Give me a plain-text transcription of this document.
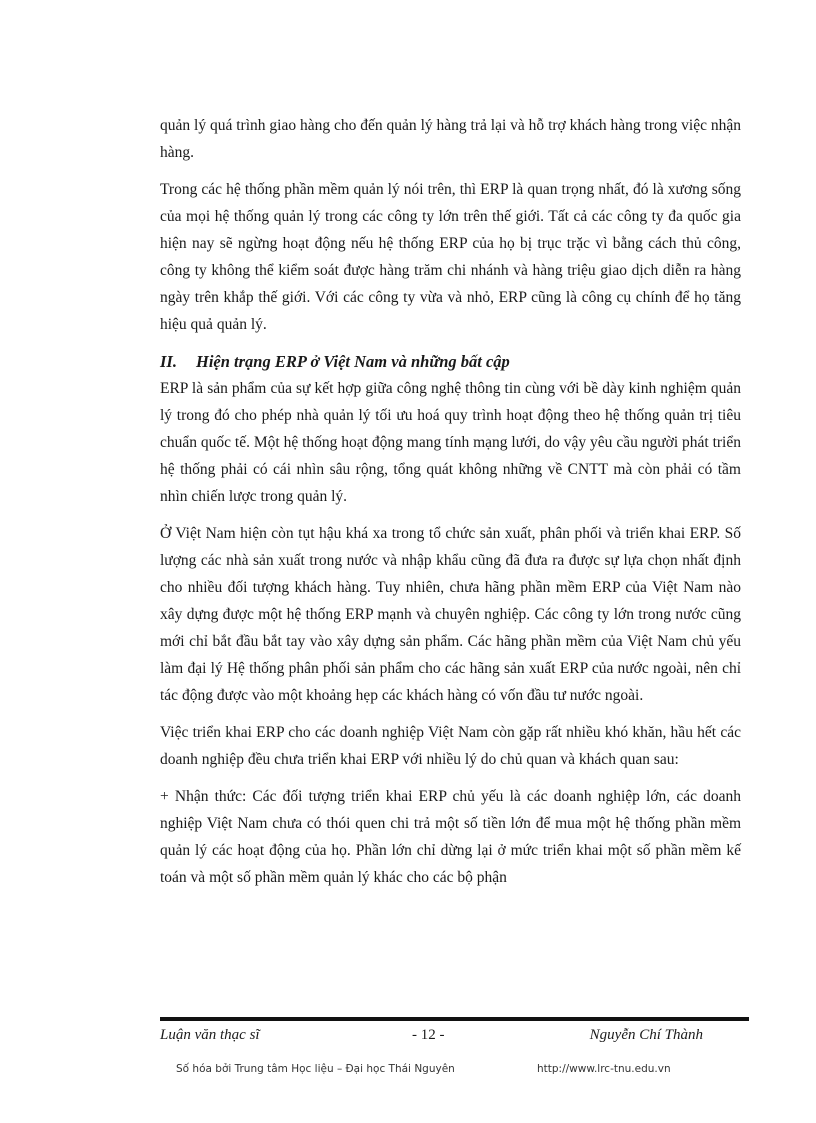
quản lý quá trình giao hàng cho đến quản lý hàng trả lại và hỗ trợ khách hàng trong việc nhận hàng.

Trong các hệ thống phần mềm quản lý nói trên, thì ERP là quan trọng nhất, đó là xương sống của mọi hệ thống quản lý trong các công ty lớn trên thế giới. Tất cả các công ty đa quốc gia hiện nay sẽ ngừng hoạt động nếu hệ thống ERP của họ bị trục trặc vì bằng cách thủ công, công ty không thể kiểm soát được hàng trăm chi nhánh và hàng triệu giao dịch diễn ra hàng ngày trên khắp thế giới. Với các công ty vừa và nhỏ, ERP cũng là công cụ chính để họ tăng hiệu quả quản lý.

II. Hiện trạng ERP ở Việt Nam và những bất cập

ERP là sản phẩm của sự kết hợp giữa công nghệ thông tin cùng với bề dày kinh nghiệm quản lý trong đó cho phép nhà quản lý tối ưu hoá quy trình hoạt động theo hệ thống quản trị tiêu chuẩn quốc tế. Một hệ thống hoạt động mang tính mạng lưới, do vậy yêu cầu người phát triển hệ thống phải có cái nhìn sâu rộng, tổng quát không những về CNTT mà còn phải có tầm nhìn chiến lược trong quản lý.

Ở Việt Nam hiện còn tụt hậu khá xa trong tổ chức sản xuất, phân phối và triển khai ERP. Số lượng các nhà sản xuất trong nước và nhập khẩu cũng đã đưa ra được sự lựa chọn nhất định cho nhiều đối tượng khách hàng. Tuy nhiên, chưa hãng phần mềm ERP của Việt Nam nào xây dựng được một hệ thống ERP mạnh và chuyên nghiệp. Các công ty lớn trong nước cũng mới chỉ bắt đầu bắt tay vào xây dựng sản phẩm. Các hãng phần mềm của Việt Nam chủ yếu làm đại lý Hệ thống phân phối sản phẩm cho các hãng sản xuất ERP của nước ngoài, nên chỉ tác động được vào một khoảng hẹp các khách hàng có vốn đầu tư nước ngoài.

Việc triển khai ERP cho các doanh nghiệp Việt Nam còn gặp rất nhiều khó khăn, hầu hết các doanh nghiệp đều chưa triển khai ERP với nhiều lý do chủ quan và khách quan sau:

+ Nhận thức: Các đối tượng triển khai ERP chủ yếu là các doanh nghiệp lớn, các doanh nghiệp Việt Nam chưa có thói quen chi trả một số tiền lớn để mua một hệ thống phần mềm quản lý các hoạt động của họ. Phần lớn chỉ dừng lại ở mức triển khai một số phần mềm kế toán và một số phần mềm quản lý khác cho các bộ phận

Luận văn thạc sĩ	- 12 -	Nguyễn Chí Thành
Số hóa bởi Trung tâm Học liệu – Đại học Thái Nguyên	http://www.lrc-tnu.edu.vn
